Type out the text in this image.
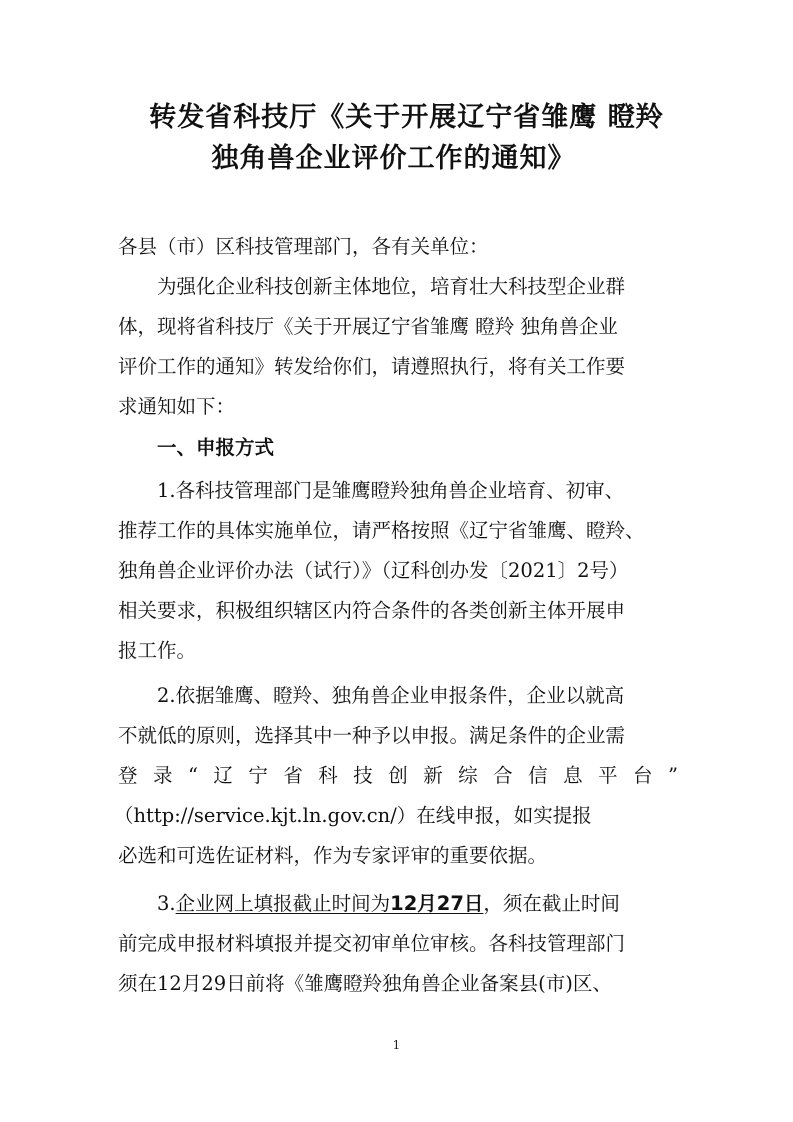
转发省科技厅《关于开展辽宁省雏鹰 瞪羚
独角兽企业评价工作的通知》
各县（市）区科技管理部门，各有关单位：
为强化企业科技创新主体地位，培育壮大科技型企业群
体，现将省科技厅《关于开展辽宁省雏鹰 瞪羚 独角兽企业
评价工作的通知》转发给你们，请遵照执行，将有关工作要
求通知如下：
一、申报方式
1.各科技管理部门是雏鹰瞪羚独角兽企业培育、初审、
推荐工作的具体实施单位，请严格按照《辽宁省雏鹰、瞪羚、
独角兽企业评价办法（试行）》（辽科创办发〔2021〕2号）
相关要求，积极组织辖区内符合条件的各类创新主体开展申
报工作。
2.依据雏鹰、瞪羚、独角兽企业申报条件，企业以就高
不就低的原则，选择其中一种予以申报。满足条件的企业需
登 录 “ 辽 宁 省 科 技 创 新 综 合 信 息 平 台 ”
（http://service.kjt.ln.gov.cn/）在线申报，如实提报
必选和可选佐证材料，作为专家评审的重要依据。
3.企业网上填报截止时间为12月27日，须在截止时间
前完成申报材料填报并提交初审单位审核。各科技管理部门
须在12月29日前将《雏鹰瞪羚独角兽企业备案县(市)区、
1
